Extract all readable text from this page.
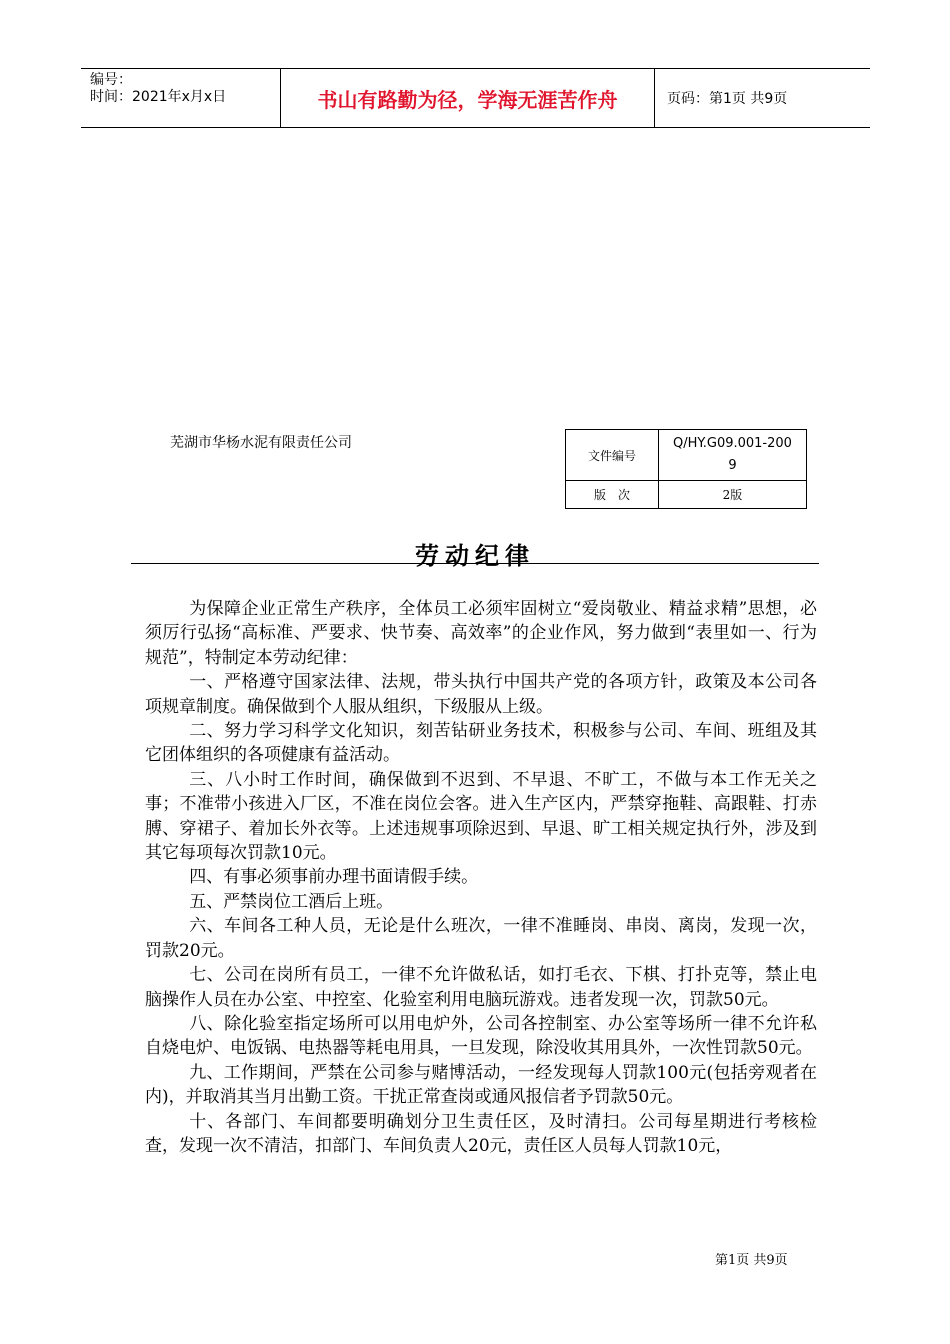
编号：
时间：2021年x月x日	书山有路勤为径，学海无涯苦作舟	页码：第1页 共9页
芜湖市华杨水泥有限责任公司
文件编号	Q/HY.G09.001-2009
版　次	2版
劳动纪律

为保障企业正常生产秩序，全体员工必须牢固树立“爱岗敬业、精益求精”思想，必须厉行弘扬“高标准、严要求、快节奏、高效率”的企业作风，努力做到“表里如一、行为规范”，特制定本劳动纪律：

一、严格遵守国家法律、法规，带头执行中国共产党的各项方针，政策及本公司各项规章制度。确保做到个人服从组织，下级服从上级。

二、努力学习科学文化知识，刻苦钻研业务技术，积极参与公司、车间、班组及其它团体组织的各项健康有益活动。

三、八小时工作时间，确保做到不迟到、不早退、不旷工，不做与本工作无关之事；不准带小孩进入厂区，不准在岗位会客。进入生产区内，严禁穿拖鞋、高跟鞋、打赤膊、穿裙子、着加长外衣等。上述违规事项除迟到、早退、旷工相关规定执行外，涉及到其它每项每次罚款10元。

四、有事必须事前办理书面请假手续。

五、严禁岗位工酒后上班。

六、车间各工种人员，无论是什么班次，一律不准睡岗、串岗、离岗，发现一次，罚款20元。

七、公司在岗所有员工，一律不允许做私话，如打毛衣、下棋、打扑克等，禁止电脑操作人员在办公室、中控室、化验室利用电脑玩游戏。违者发现一次，罚款50元。

八、除化验室指定场所可以用电炉外，公司各控制室、办公室等场所一律不允许私自烧电炉、电饭锅、电热器等耗电用具，一旦发现，除没收其用具外，一次性罚款50元。

九、工作期间，严禁在公司参与赌博活动，一经发现每人罚款100元(包括旁观者在内)，并取消其当月出勤工资。干扰正常查岗或通风报信者予罚款50元。

十、各部门、车间都要明确划分卫生责任区，及时清扫。公司每星期进行考核检查，发现一次不清洁，扣部门、车间负责人20元，责任区人员每人罚款10元，

第1页 共9页
